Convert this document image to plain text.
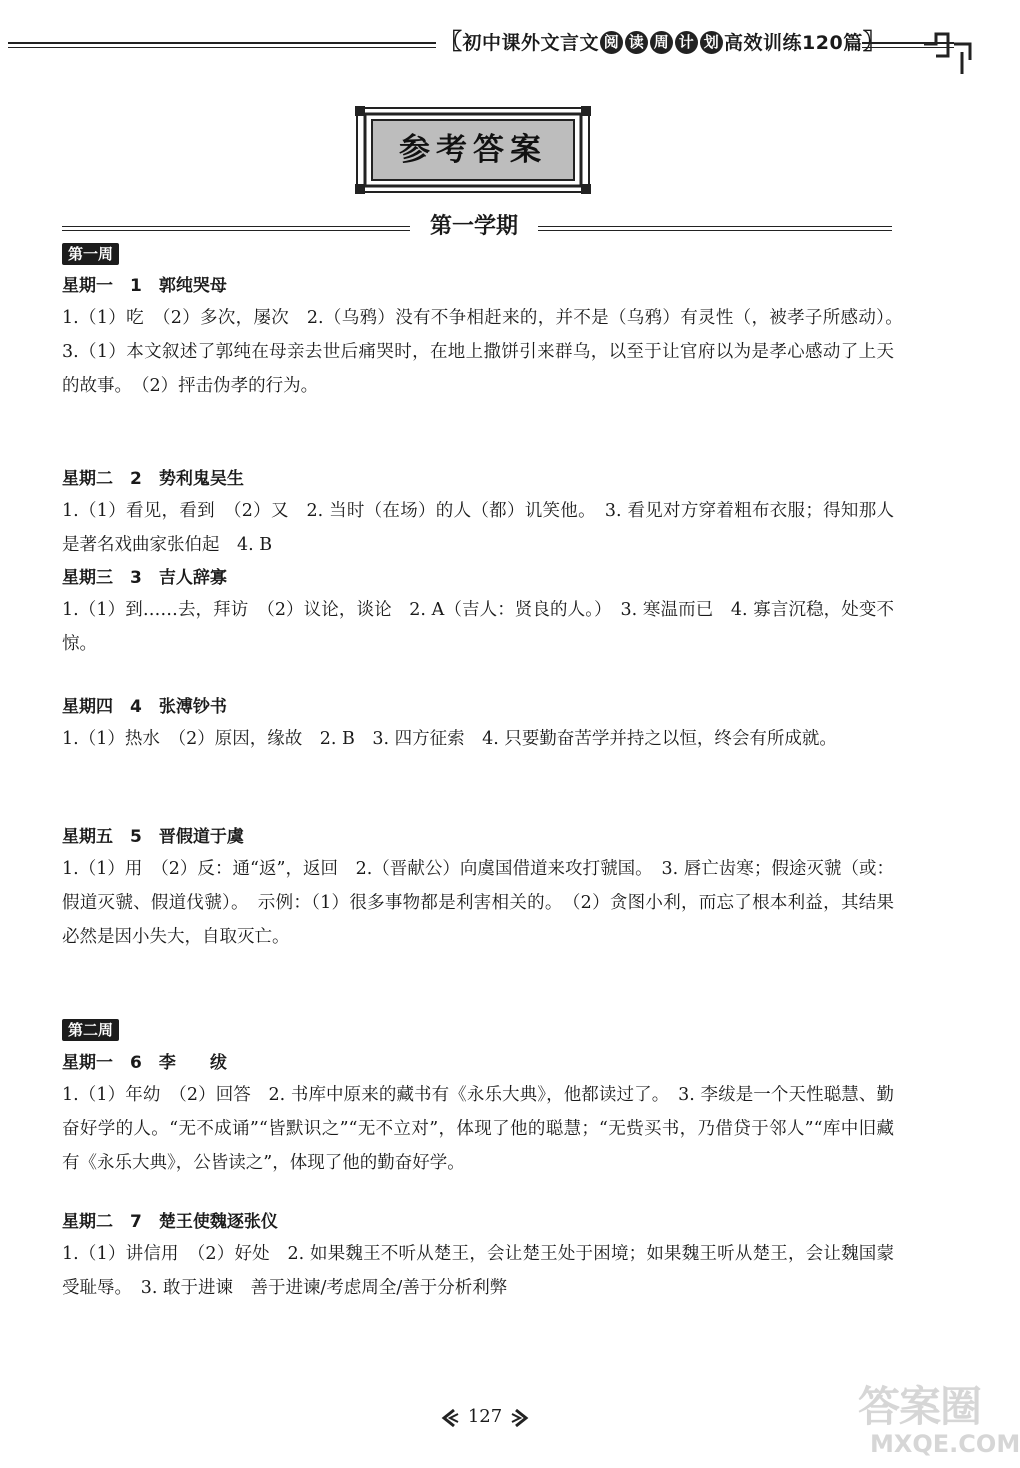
〖初中课外文言文 阅 读 周 计 划 高效训练120篇〗
参考答案
第一学期
第一周
星期一　1　郭纯哭母
1.（1）吃　（2）多次，屡次　2.（乌鸦）没有不争相赶来的，并不是（乌鸦）有灵性（，被孝子所感动）。　3.（1）本文叙述了郭纯在母亲去世后痛哭时，在地上撒饼引来群乌，以至于让官府以为是孝心感动了上天的故事。　（2）抨击伪孝的行为。
星期二　2　势利鬼吴生
1.（1）看见，看到　（2）又　2. 当时（在场）的人（都）讥笑他。　3. 看见对方穿着粗布衣服；得知那人是著名戏曲家张伯起　4. B
星期三　3　吉人辞寡
1.（1）到……去，拜访　（2）议论，谈论　2. A（吉人：贤良的人。）　3. 寒温而已　4. 寡言沉稳，处变不惊。
星期四　4　张溥钞书
1.（1）热水　（2）原因，缘故　2. B　3. 四方征索　4. 只要勤奋苦学并持之以恒，终会有所成就。
星期五　5　晋假道于虞
1.（1）用　（2）反：通“返”，返回　2.（晋献公）向虞国借道来攻打虢国。　3. 唇亡齿寒；假途灭虢（或：假道灭虢、假道伐虢）。　示例：（1）很多事物都是利害相关的。　（2）贪图小利，而忘了根本利益，其结果必然是因小失大，自取灭亡。
第二周
星期一　6　李　　绂
1.（1）年幼　（2）回答　2. 书库中原来的藏书有《永乐大典》，他都读过了。　3. 李绂是一个天性聪慧、勤奋好学的人。“无不成诵”“皆默识之”“无不立对”，体现了他的聪慧；“无赀买书，乃借贷于邻人”“库中旧藏有《永乐大典》，公皆读之”，体现了他的勤奋好学。
星期二　7　楚王使魏逐张仪
1.（1）讲信用　（2）好处　2. 如果魏王不听从楚王，会让楚王处于困境；如果魏王听从楚王，会让魏国蒙受耻辱。　3. 敢于进谏　善于进谏/考虑周全/善于分析利弊
127	答案圈
MXQE.COM
